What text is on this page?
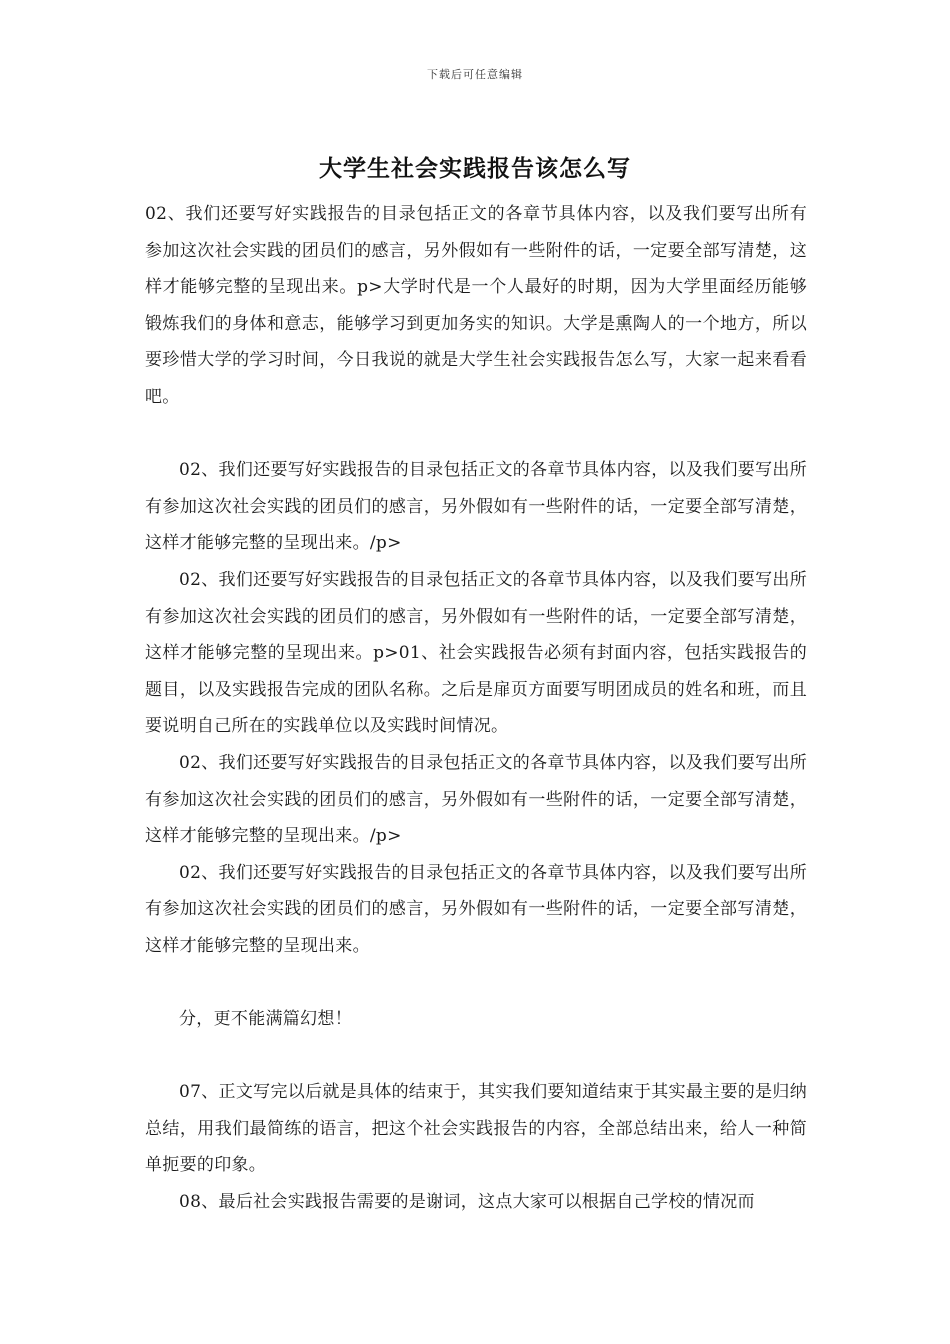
下载后可任意编辑
大学生社会实践报告该怎么写

02、我们还要写好实践报告的目录包括正文的各章节具体内容，以及我们要写出所有参加这次社会实践的团员们的感言，另外假如有一些附件的话，一定要全部写清楚，这样才能够完整的呈现出来。p>大学时代是一个人最好的时期，因为大学里面经历能够锻炼我们的身体和意志，能够学习到更加务实的知识。大学是熏陶人的一个地方，所以要珍惜大学的学习时间，今日我说的就是大学生社会实践报告怎么写，大家一起来看看吧。

02、我们还要写好实践报告的目录包括正文的各章节具体内容，以及我们要写出所有参加这次社会实践的团员们的感言，另外假如有一些附件的话，一定要全部写清楚，这样才能够完整的呈现出来。/p>

02、我们还要写好实践报告的目录包括正文的各章节具体内容，以及我们要写出所有参加这次社会实践的团员们的感言，另外假如有一些附件的话，一定要全部写清楚，这样才能够完整的呈现出来。p>01、社会实践报告必须有封面内容，包括实践报告的题目，以及实践报告完成的团队名称。之后是扉页方面要写明团成员的姓名和班，而且要说明自己所在的实践单位以及实践时间情况。

02、我们还要写好实践报告的目录包括正文的各章节具体内容，以及我们要写出所有参加这次社会实践的团员们的感言，另外假如有一些附件的话，一定要全部写清楚，这样才能够完整的呈现出来。/p>

02、我们还要写好实践报告的目录包括正文的各章节具体内容，以及我们要写出所有参加这次社会实践的团员们的感言，另外假如有一些附件的话，一定要全部写清楚，这样才能够完整的呈现出来。

分，更不能满篇幻想！

07、正文写完以后就是具体的结束于，其实我们要知道结束于其实最主要的是归纳总结，用我们最简练的语言，把这个社会实践报告的内容，全部总结出来，给人一种简单扼要的印象。

08、最后社会实践报告需要的是谢词，这点大家可以根据自己学校的情况而
